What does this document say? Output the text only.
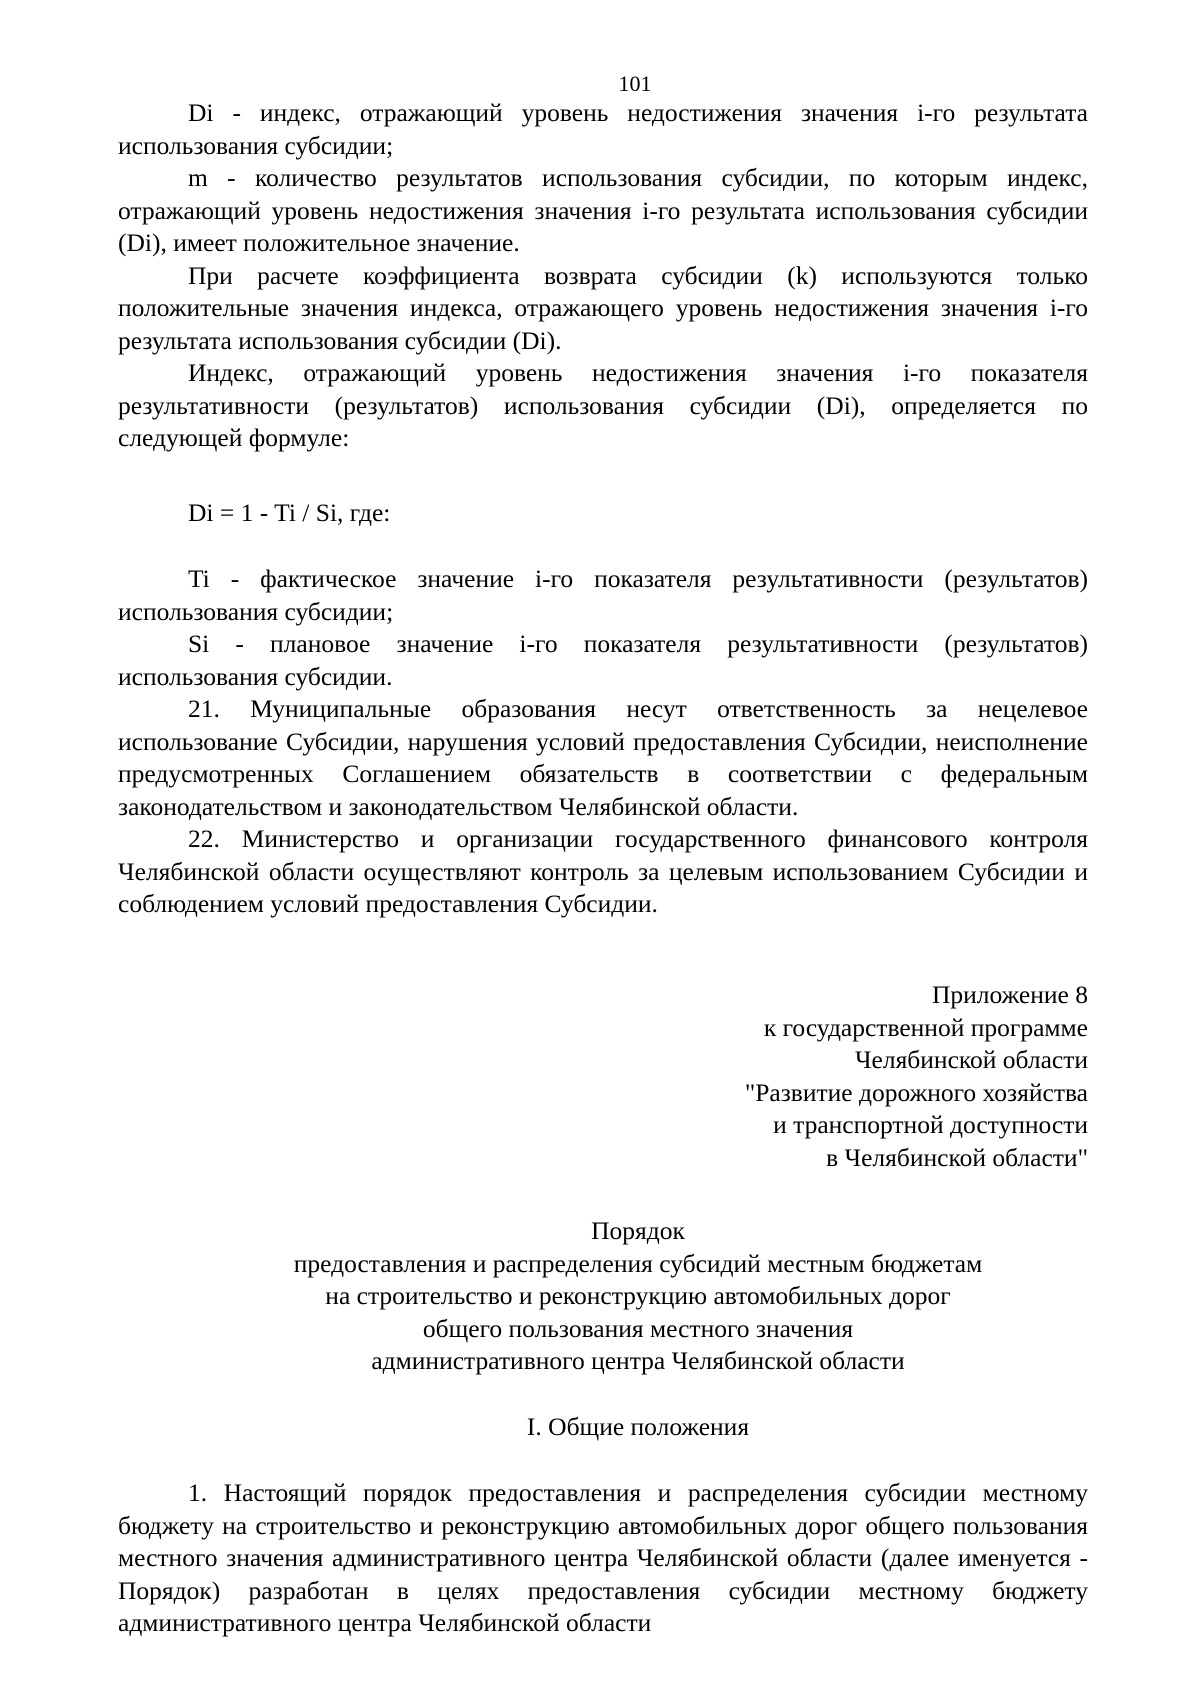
101

Di - индекс, отражающий уровень недостижения значения i-го результата использования субсидии;

m - количество результатов использования субсидии, по которым индекс, отражающий уровень недостижения значения i-го результата использования субсидии (Di), имеет положительное значение.

При расчете коэффициента возврата субсидии (k) используются только положительные значения индекса, отражающего уровень недостижения значения i-го результата использования субсидии (Di).

Индекс, отражающий уровень недостижения значения i-го показателя результативности (результатов) использования субсидии (Di), определяется по следующей формуле:

Di = 1 - Ti / Si, где:

Ti - фактическое значение i-го показателя результативности (результатов) использования субсидии;

Si - плановое значение i-го показателя результативности (результатов) использования субсидии.

21. Муниципальные образования несут ответственность за нецелевое использование Субсидии, нарушения условий предоставления Субсидии, неисполнение предусмотренных Соглашением обязательств в соответствии с федеральным законодательством и законодательством Челябинской области.

22. Министерство и организации государственного финансового контроля Челябинской области осуществляют контроль за целевым использованием Субсидии и соблюдением условий предоставления Субсидии.

Приложение 8
к государственной программе
Челябинской области
"Развитие дорожного хозяйства
и транспортной доступности
в Челябинской области"
Порядок
предоставления и распределения субсидий местным бюджетам
на строительство и реконструкцию автомобильных дорог
общего пользования местного значения
административного центра Челябинской области
I. Общие положения

1. Настоящий порядок предоставления и распределения субсидии местному бюджету на строительство и реконструкцию автомобильных дорог общего пользования местного значения административного центра Челябинской области (далее именуется - Порядок) разработан в целях предоставления субсидии местному бюджету административного центра Челябинской области
